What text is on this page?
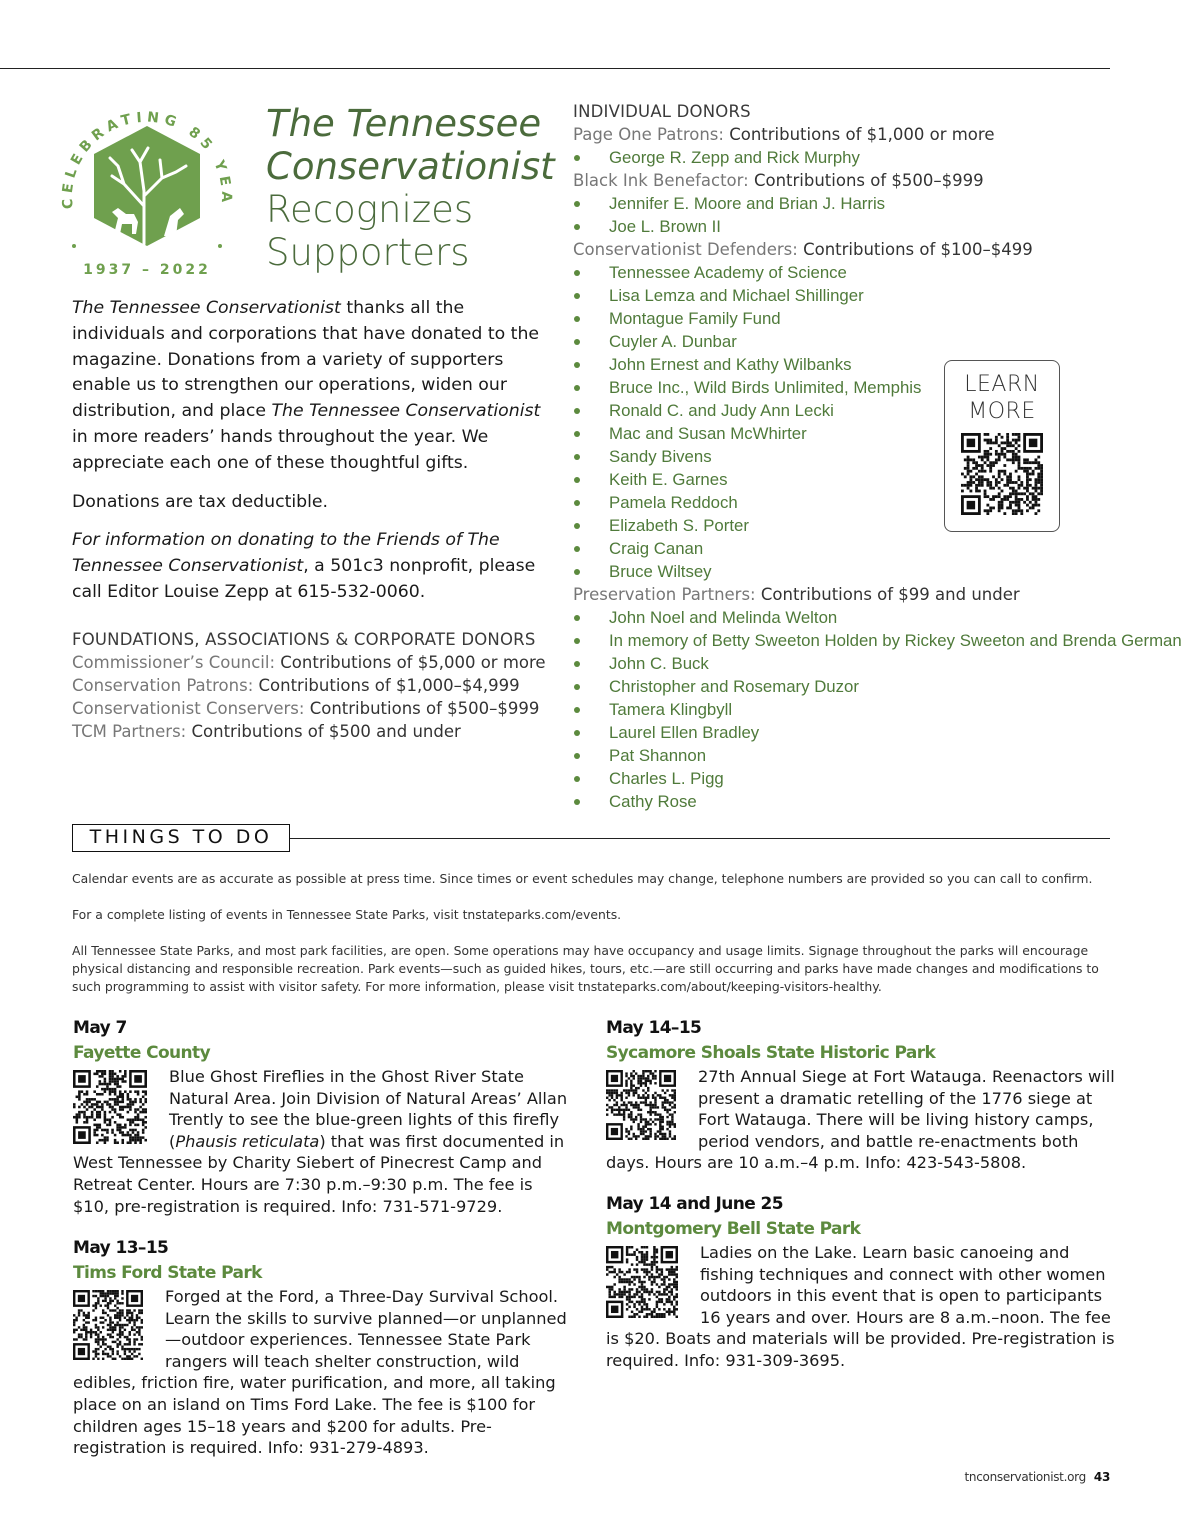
CELEBRATING 85 YEA
1937 – 2022
The Tennessee Conservationist
Recognizes Supporters

The Tennessee Conservationist thanks all the individuals and corporations that have donated to the magazine. Donations from a variety of supporters enable us to strengthen our operations, widen our distribution, and place The Tennessee Conservationist in more readers’ hands throughout the year. We appreciate each one of these thoughtful gifts.

Donations are tax deductible.

For information on donating to the Friends of The Tennessee Conservationist, a 501c3 nonprofit, please call Editor Louise Zepp at 615-532-0060.

FOUNDATIONS, ASSOCIATIONS & CORPORATE DONORS
Commissioner’s Council: Contributions of $5,000 or more
Conservation Patrons: Contributions of $1,000–$4,999
Conservationist Conservers: Contributions of $500–$999
TCM Partners: Contributions of $500 and under
INDIVIDUAL DONORS
Page One Patrons: Contributions of $1,000 or more
George R. Zepp and Rick Murphy
Black Ink Benefactor: Contributions of $500–$999
Jennifer E. Moore and Brian J. Harris
Joe L. Brown II
Conservationist Defenders: Contributions of $100–$499
Tennessee Academy of Science
Lisa Lemza and Michael Shillinger
Montague Family Fund
Cuyler A. Dunbar
John Ernest and Kathy Wilbanks
Bruce Inc., Wild Birds Unlimited, Memphis
Ronald C. and Judy Ann Lecki
Mac and Susan McWhirter
Sandy Bivens
Keith E. Garnes
Pamela Reddoch
Elizabeth S. Porter
Craig Canan
Bruce Wiltsey
Preservation Partners: Contributions of $99 and under
John Noel and Melinda Welton
In memory of Betty Sweeton Holden by Rickey Sweeton and Brenda German
John C. Buck
Christopher and Rosemary Duzor
Tamera Klingbyll
Laurel Ellen Bradley
Pat Shannon
Charles L. Pigg
Cathy Rose
LEARN
MORE
THINGS TO DO

Calendar events are as accurate as possible at press time. Since times or event schedules may change, telephone numbers are provided so you can call to confirm.

For a complete listing of events in Tennessee State Parks, visit tnstateparks.com/events.

All Tennessee State Parks, and most park facilities, are open. Some operations may have occupancy and usage limits. Signage throughout the parks will encourage physical distancing and responsible recreation. Park events—such as guided hikes, tours, etc.—are still occurring and parks have made changes and modifications to such programming to assist with visitor safety. For more information, please visit tnstateparks.com/about/keeping-visitors-healthy.

May 7
Fayette County
Blue Ghost Fireflies in the Ghost River State Natural Area. Join Division of Natural Areas’ Allan Trently to see the blue-green lights of this firefly (Phausis reticulata) that was first documented in West Tennessee by Charity Siebert of Pinecrest Camp and Retreat Center. Hours are 7:30 p.m.–9:30 p.m. The fee is $10, pre-registration is required. Info: 731-571-9729.
May 13–15
Tims Ford State Park
Forged at the Ford, a Three-Day Survival School. Learn the skills to survive planned—or unplanned—outdoor experiences. Tennessee State Park rangers will teach shelter construction, wild edibles, friction fire, water purification, and more, all taking place on an island on Tims Ford Lake. The fee is $100 for children ages 15–18 years and $200 for adults. Pre-registration is required. Info: 931-279-4893.
May 14–15
Sycamore Shoals State Historic Park
27th Annual Siege at Fort Watauga. Reenactors will present a dramatic retelling of the 1776 siege at Fort Watauga. There will be living history camps, period vendors, and battle re-enactments both days. Hours are 10 a.m.–4 p.m. Info: 423-543-5808.
May 14 and June 25
Montgomery Bell State Park
Ladies on the Lake. Learn basic canoeing and fishing techniques and connect with other women outdoors in this event that is open to participants 16 years and over. Hours are 8 a.m.–noon. The fee is $20. Boats and materials will be provided. Pre-registration is required. Info: 931-309-3695.
tnconservationist.org 43
